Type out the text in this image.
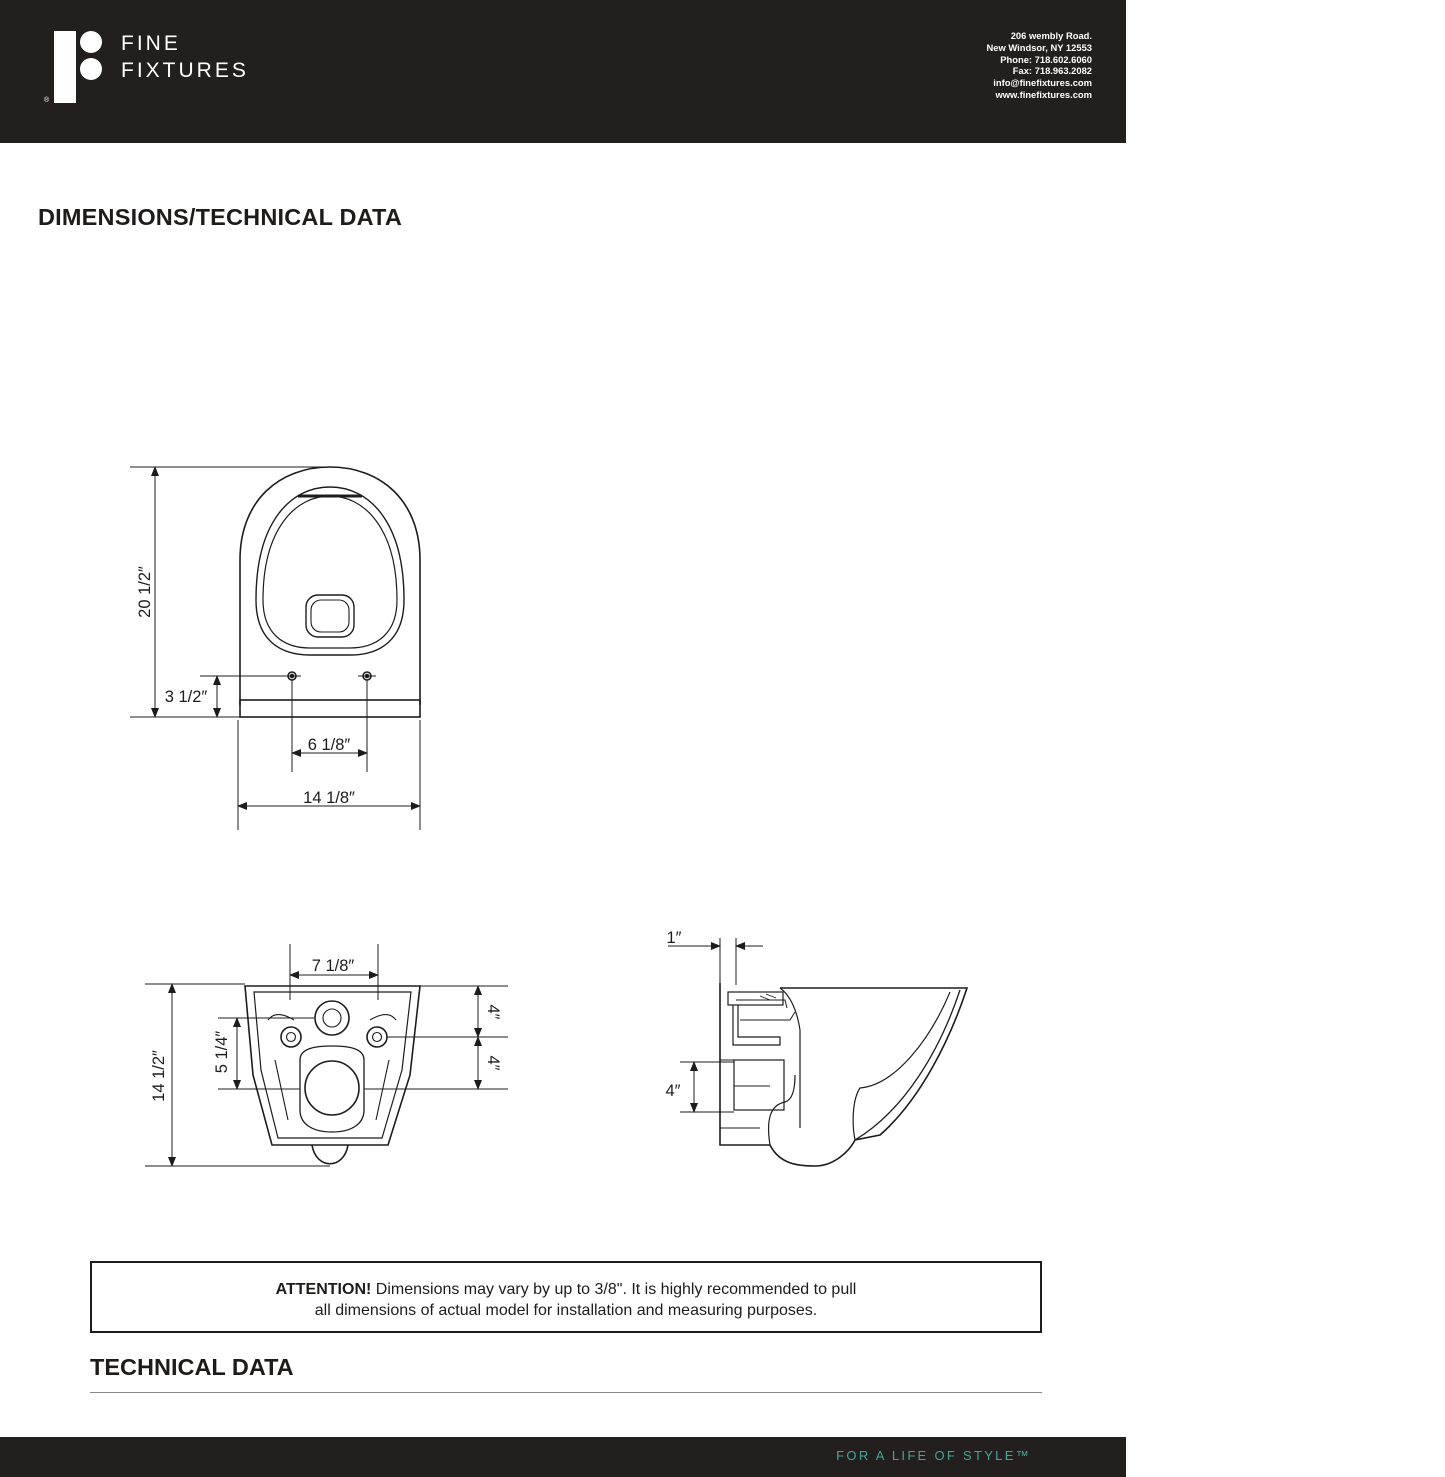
®
FINE
FIXTURES
206 wembly Road.
New Windsor, NY 12553
Phone: 718.602.6060
Fax: 718.963.2082
info@finefixtures.com
www.finefixtures.com
DIMENSIONS/TECHNICAL DATA
20 1/2″
3 1/2″
6 1/8″
14 1/8″
7 1/8″
14 1/2″	5 1/4″
4″
4″
1″
4″
ATTENTION! Dimensions may vary by up to 3/8". It is highly recommended to pull
all dimensions of actual model for installation and measuring purposes.
TECHNICAL DATA
FOR A LIFE OF STYLE™
